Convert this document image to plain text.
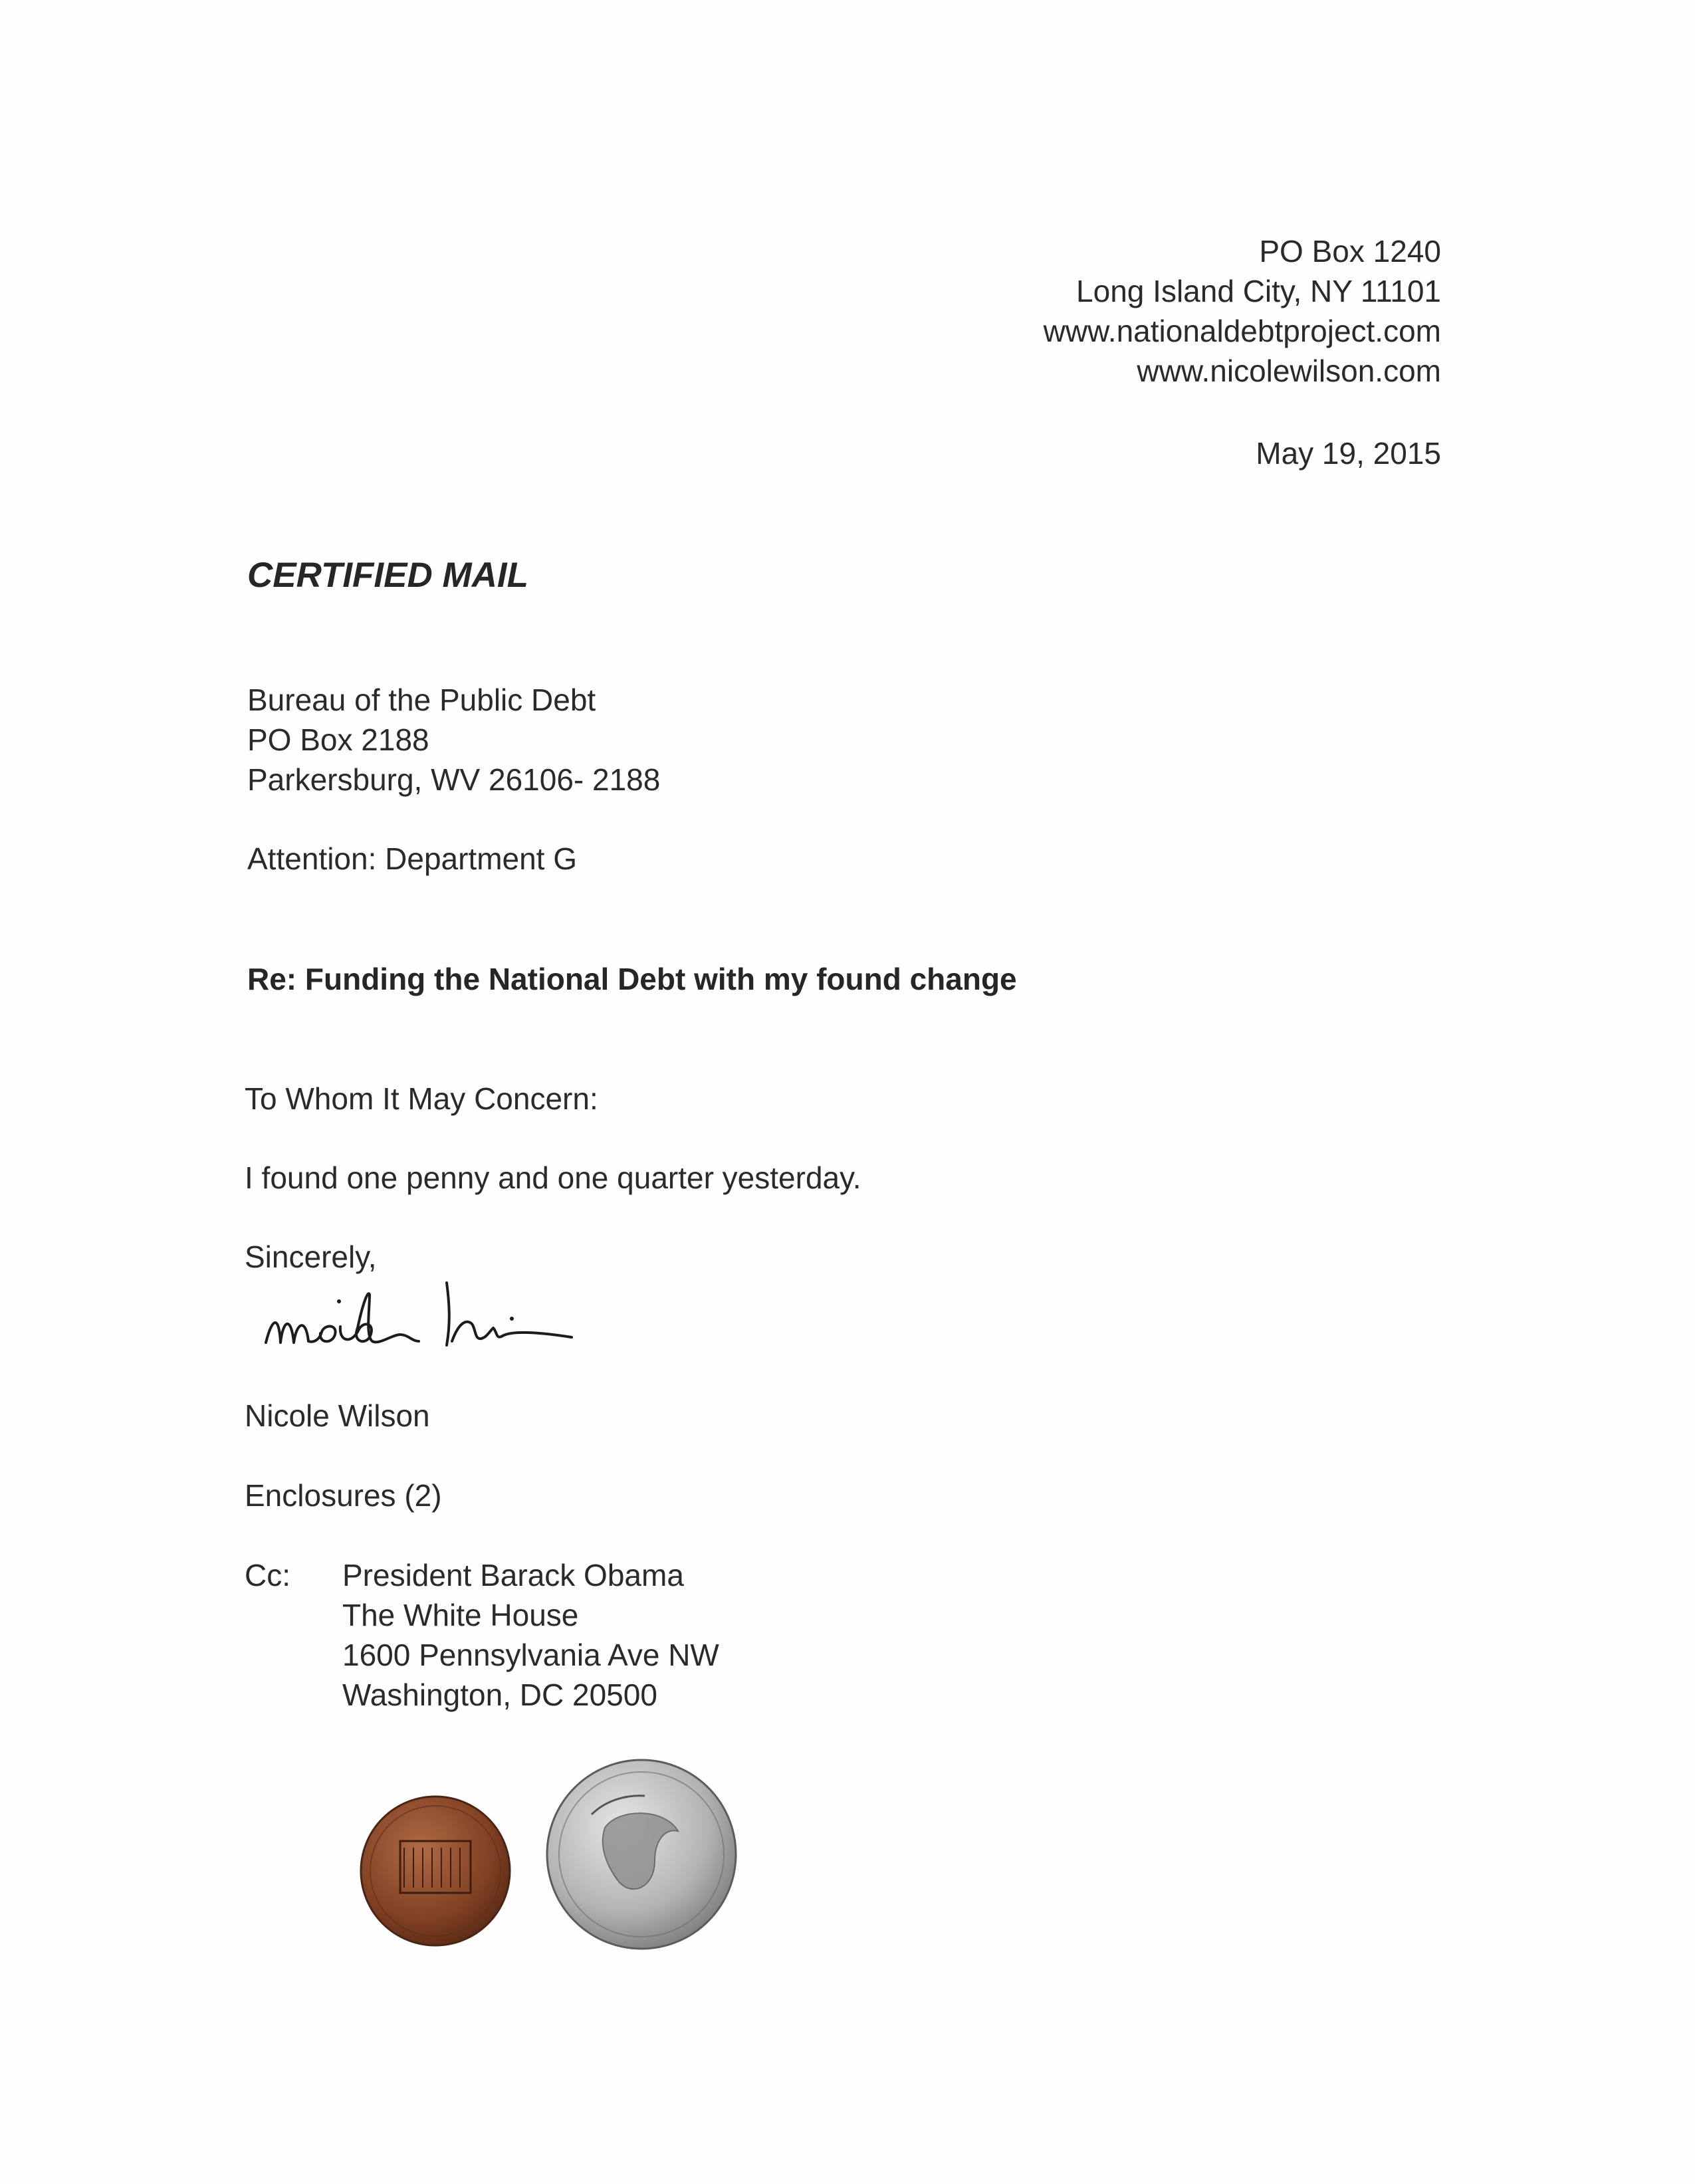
PO Box 1240
Long Island City, NY 11101
www.nationaldebtproject.com
www.nicolewilson.com
May 19, 2015
CERTIFIED MAIL
Bureau of the Public Debt
PO Box 2188
Parkersburg, WV 26106- 2188
Attention: Department G
Re: Funding the National Debt with my found change
To Whom It May Concern:
I found one penny and one quarter yesterday.
Sincerely,
Nicole Wilson
Enclosures (2)
Cc: President Barack Obama
The White House
1600 Pennsylvania Ave NW
Washington, DC 20500
